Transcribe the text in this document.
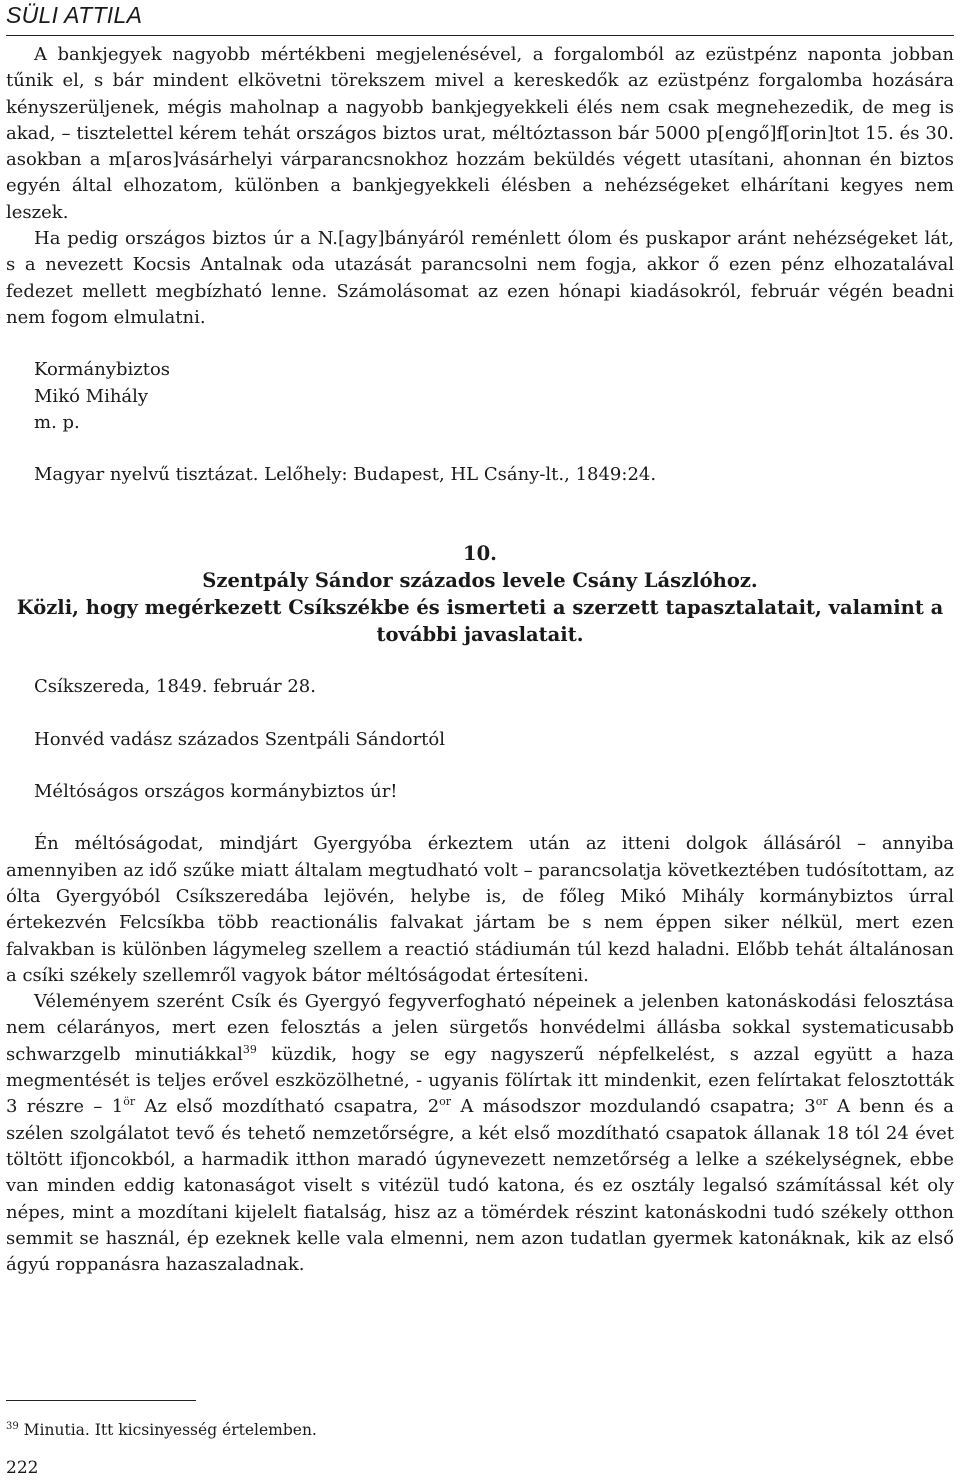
SÜLI ATTILA

A bankjegyek nagyobb mértékbeni megjelenésével, a forgalomból az ezüstpénz naponta jobban tűnik el, s bár mindent elkövetni törekszem mivel a kereskedők az ezüstpénz forgalomba hozására kényszerüljenek, mégis maholnap a nagyobb bankjegyekkeli élés nem csak megnehezedik, de meg is akad, – tisztelettel kérem tehát országos biztos urat, méltóztasson bár 5000 p[engő]f[orin]tot 15. és 30. asokban a m[aros]vásárhelyi várparancsnokhoz hozzám beküldés végett utasítani, ahonnan én biztos egyén által elhozatom, különben a bankjegyekkeli élésben a nehézségeket elhárítani kegyes nem leszek.

Ha pedig országos biztos úr a N.[agy]bányáról reménlett ólom és puskapor aránt nehézségeket lát, s a nevezett Kocsis Antalnak oda utazását parancsolni nem fogja, akkor ő ezen pénz elhozatalával fedezet mellett megbízható lenne. Számolásomat az ezen hónapi kiadásokról, február végén beadni nem fogom elmulatni.

Kormánybiztos
Mikó Mihály
m. p.
Magyar nyelvű tisztázat. Lelőhely: Budapest, HL Csány-lt., 1849:24.
10.
Szentpály Sándor százados levele Csány Lászlóhoz.
Közli, hogy megérkezett Csíkszékbe és ismerteti a szerzett tapasztalatait, valamint a további javaslatait.
Csíkszereda, 1849. február 28.
Honvéd vadász százados Szentpáli Sándortól
Méltóságos országos kormánybiztos úr!

Én méltóságodat, mindjárt Gyergyóba érkeztem után az itteni dolgok állásáról – annyiba amennyiben az idő szűke miatt általam megtudható volt – parancsolatja következtében tudósítottam, az ólta Gyergyóból Csíkszeredába lejövén, helybe is, de főleg Mikó Mihály kormánybiztos úrral értekezvén Felcsíkba több reactionális falvakat jártam be s nem éppen siker nélkül, mert ezen falvakban is különben lágymeleg szellem a reactió stádiumán túl kezd haladni. Előbb tehát általánosan a csíki székely szellemről vagyok bátor méltóságodat értesíteni.

Véleményem szerént Csík és Gyergyó fegyverfogható népeinek a jelenben katonáskodási felosztása nem célarányos, mert ezen felosztás a jelen sürgetős honvédelmi állásba sokkal systematicusabb schwarzgelb minutiákkal$^{39}$ küzdik, hogy se egy nagyszerű népfelkelést, s azzal együtt a haza megmentését is teljes erővel eszközölhetné, - ugyanis fölírtak itt mindenkit, ezen felírtakat felosztották 3 részre – $1^{ör}$ Az első mozdítható csapatra, $2^{or}$ A másodszor mozdulandó csapatra; $3^{or}$ A benn és a szélen szolgálatot tevő és tehető nemzetőrségre, a két első mozdítható csapatok állanak 18 tól 24 évet töltött ifjoncokból, a harmadik itthon maradó úgynevezett nemzetőrség a lelke a székelységnek, ebbe van minden eddig katonaságot viselt s vitézül tudó katona, és ez osztály legalsó számítással két oly népes, mint a mozdítani kijelelt fiatalság, hisz az a tömérdek részint katonáskodni tudó székely otthon semmit se használ, ép ezeknek kelle vala elmenni, nem azon tudatlan gyermek katonáknak, kik az első ágyú roppanásra hazaszaladnak.

$^{39}$ Minutia. Itt kicsinyesség értelemben.
222
